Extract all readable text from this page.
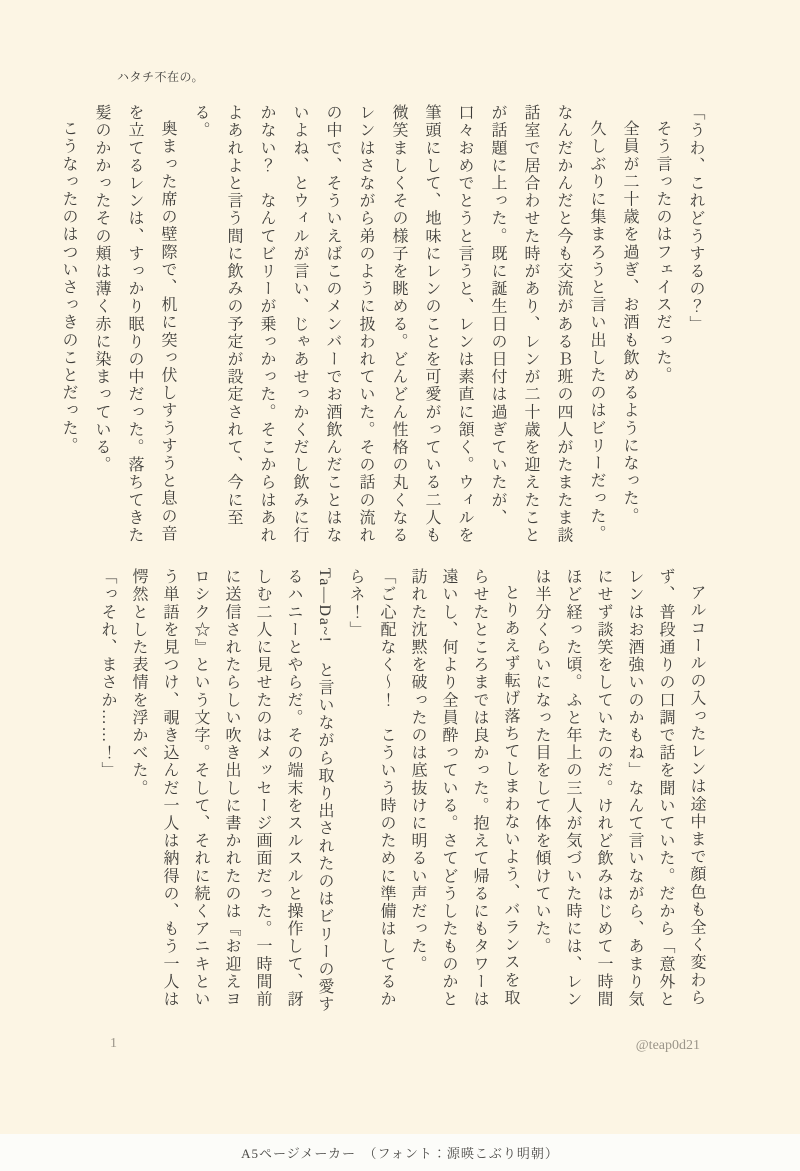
ハタチ不在の。

「うわ、これどうするの？」

そう言ったのはフェイスだった。

全員が二十歳を過ぎ、お酒も飲めるようになった。

久しぶりに集まろうと言い出したのはビリーだった。なんだかんだと今も交流があるＢ班の四人がたまたま談話室で居合わせた時があり、レンが二十歳を迎えたことが話題に上った。既に誕生日の日付は過ぎていたが、口々おめでとうと言うと、レンは素直に頷く。ウィルを筆頭にして、地味にレンのことを可愛がっている二人も微笑ましくその様子を眺める。どんどん性格の丸くなるレンはさながら弟のように扱われていた。その話の流れの中で、そういえばこのメンバーでお酒飲んだことはないよね、とウィルが言い、じゃあせっかくだし飲みに行かない？　なんてビリーが乗っかった。そこからはあれよあれよと言う間に飲みの予定が設定されて、今に至る。

奥まった席の壁際で、机に突っ伏しすうすうと息の音を立てるレンは、すっかり眠りの中だった。落ちてきた髪のかかったその頬は薄く赤に染まっている。

こうなったのはついさっきのことだった。

アルコールの入ったレンは途中まで顔色も全く変わらず、普段通りの口調で話を聞いていた。だから「意外とレンはお酒強いのかもね」なんて言いながら、あまり気にせず談笑をしていたのだ。けれど飲みはじめて一時間ほど経った頃。ふと年上の三人が気づいた時には、レンは半分くらいになった目をして体を傾けていた。

とりあえず転げ落ちてしまわないよう、バランスを取らせたところまでは良かった。抱えて帰るにもタワーは遠いし、何より全員酔っている。さてどうしたものかと訪れた沈黙を破ったのは底抜けに明るい声だった。

「ご心配なく～！　こういう時のために準備はしてるからネ！」

Ta—Da~!　と言いながら取り出されたのはビリーの愛するハニーとやらだ。その端末をスルスルと操作して、訝しむ二人に見せたのはメッセージ画面だった。一時間前に送信されたらしい吹き出しに書かれたのは『お迎えヨロシク☆』という文字。そして、それに続くアニキという単語を見つけ、覗き込んだ一人は納得の、もう一人は愕然とした表情を浮かべた。

「っそれ、まさか……！」

1	@teap0d21
A5ページメーカー　（フォント：源暎こぶり明朝）
